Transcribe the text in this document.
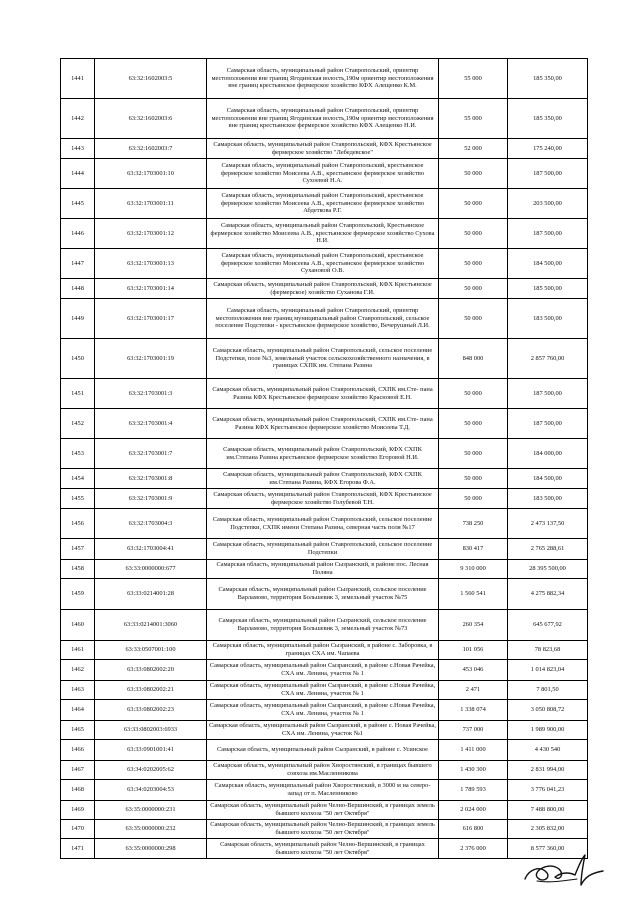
1441	63:32:1602003:5	Самарская область, муниципальный район Ставропольский, ориентир местоположения вне границ Ягодинская волость,190м ориентир местоположения вне границ крестьянское фермерское хозяйство КФХ Алещенко К.М.	55 000	185 350,00
1442	63:32:1602003:6	Самарская область, муниципальный район Ставропольский, ориентир местоположения вне границ Ягодинская волость,190м ориентир местоположения вне границ крестьянское фермерское хозяйство КФХ Алещенко Н.И.	55 000	185 350,00
1443	63:32:1602003:7	Самарская область, муниципальный район Ставропольский, КФХ Крестьянское фермерское хозяйство "Лебедевское"	52 000	175 240,00
1444	63:32:1703001:10	Самарская область, муниципальный район Ставропольский, крестьянское фермерское хозяйство Моисеева А.В., крестьянское фермерское хозяйство Сухоевой Н.А.	50 000	187 500,00
1445	63:32:1703001:11	Самарская область, муниципальный район Ставропольский, крестьянское фермерское хозяйство Моисеева А.В., крестьянское фермерское хозяйство Абдеткова Р.Г.	50 000	203 500,00
1446	63:32:1703001:12	Самарская область, муниципальный район Ставропольский, Крестьянское фермерское хозяйство Моисеева А.В., крестьянское фермерское хозяйство Сухова Н.И.	50 000	187 500,00
1447	63:32:1703001:13	Самарская область, муниципальный район Ставропольский, крестьянское фермерское хозяйство Моисеева А.В., крестьянское фермерское хозяйство Сухановой О.В.	50 000	184 500,00
1448	63:32:1703001:14	Самарская область, муниципальный район Ставропольский, КФХ Крестьянское (фермерское) хозяйство Суханова Г.И.	50 000	185 500,00
1449	63:32:1703001:17	Самарская область, муниципальный район Ставропольский, ориентир местоположения вне границ муниципальный район Ставропольский, сельское поселение Подстепки - крестьянское фермерское хозяйство, Вечерушный Л.И.	50 000	183 500,00
1450	63:32:1703001:19	Самарская область, муниципальный район Ставропольский, сельское поселение Подстепки, поле №3, земельный участок сельскохозяйственного назначения, в границах СХПК им. Степана Разина	848 000	2 857 760,00
1451	63:32:1703001:3	Самарская область, муниципальный район Ставропольский, СХПК им.Сте- пана Разина КФХ Крестьянское фермерское хозяйство Красновой Е.Н.	50 000	187 500,00
1452	63:32:1703001:4	Самарская область, муниципальный район Ставропольский, СХПК им.Сте- пана Разина КФХ Крестьянское фермерское хозяйство Моисеева Т.Д.	50 000	187 500,00
1453	63:32:1703001:7	Самарская область, муниципальный район Ставропольский, КФХ СХПК им.Степана Разина крестьянское фермерское хозяйство Егоровой Н.И.	50 000	184 000,00
1454	63:32:1703001:8	Самарская область, муниципальный район Ставропольский, КФХ СХПК им.Степана Разина, КФХ Егорова Ф.А.	50 000	184 500,00
1455	63:32:1703001:9	Самарская область, муниципальный район Ставропольский, КФХ Крестьянское фермерское хозяйство Голубевой Т.Н.	50 000	183 500,00
1456	63:32:1703004:3	Самарская область, муниципальный район Ставропольский, сельское поселение Подстепки, СХПК имени Степана Разина, северная часть поля №17	738 250	2 473 137,50
1457	63:32:1703004:41	Самарская область, муниципальный район Ставропольский, сельское поселение Подстепки	830 417	2 765 288,61
1458	63:33:0000000:677	Самарская область, муниципальный район Сызранский, в районе пос. Лесная Поляна	9 310 000	28 395 500,00
1459	63:33:0214001:28	Самарская область, муниципальный район Сызранский, сельское поселение Варламово, территория Большевик 3, земельный участок №75	1 560 541	4 275 882,34
1460	63:33:0214001:3060	Самарская область, муниципальный район Сызранский, сельское поселение Варламово, территория Большевик 3, земельный участок №73	260 354	645 677,92
1461	63:33:0507001:100	Самарская область, муниципальный район Сызранский, в районе с. Заборовка, в границах СХА им. Чапаева	101 056	78 823,68
1462	63:33:0802002:20	Самарская область, муниципальный район Сызранский, в районе с.Новая Рачейка, СХА им. Ленина, участок № 1	453 046	1 014 823,04
1463	63:33:0802002:21	Самарская область, муниципальный район Сызранский, в районе с.Новая Рачейка, СХА им. Ленина, участок № 1	2 471	7 801,50
1464	63:33:0802002:23	Самарская область, муниципальный район Сызранский, в районе с.Новая Рачейка, СХА им. Ленина, участок № 1	1 338 074	3 050 808,72
1465	63:33:0802003:6933	Самарская область, муниципальный район Сызранский, в районе с. Новая Рачейка, СХА им. Ленина, участок №1	737 000	1 989 900,00
1466	63:33:0901001:41	Самарская область, муниципальный район Сызранский, в районе с. Усинское	1 411 000	4 430 540
1467	63:34:0202005:62	Самарская область, муниципальный район Хворостянский, в границах бывшего совхоза им.Масленникова	1 430 300	2 831 994,00
1468	63:34:0203004:53	Самарская область, муниципальный район Хворостянский, в 3000 м на северо-запад от п. Масленниково	1 789 593	3 776 041,23
1469	63:35:0000000:231	Самарская область, муниципальный район Челно-Вершинский, в границах земель бывшего колхоза "50 лет Октября"	2 024 000	7 488 800,00
1470	63:35:0000000:232	Самарская область, муниципальный район Челно-Вершинский, в границах земель бывшего колхоза "50 лет Октября"	616 800	2 305 832,00
1471	63:35:0000000:298	Самарская область, муниципальный район Челно-Вершинский, в границах бывшего колхоза "50 лет Октября"	2 376 000	8 577 360,00
